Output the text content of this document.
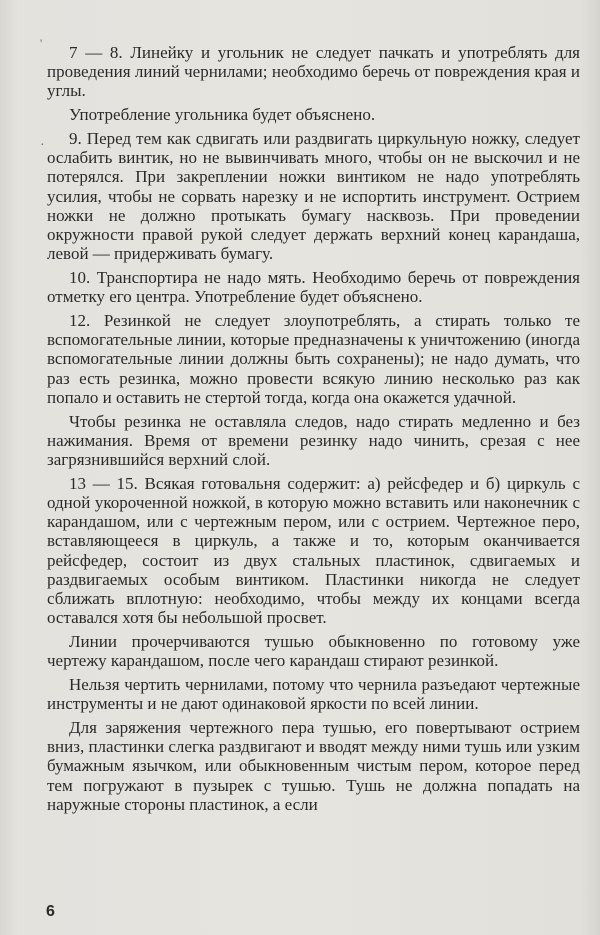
'
·

7 — 8. Линейку и угольник не следует пачкать и употреблять для проведения линий чернилами; необходимо беречь от повреждения края и углы.

Употребление угольника будет объяснено.

9. Перед тем как сдвигать или раздвигать циркульную ножку, следует ослабить винтик, но не вывинчивать много, чтобы он не выскочил и не потерялся. При закреплении ножки винтиком не надо употреблять усилия, чтобы не сорвать нарезку и не испортить инструмент. Острием ножки не должно протыкать бумагу насквозь. При проведении окружности правой рукой следует держать верхний конец карандаша, левой — придерживать бумагу.

10. Транспортира не надо мять. Необходимо беречь от повреждения отметку его центра. Употребление будет объяснено.

12. Резинкой не следует злоупотреблять, а стирать только те вспомогательные линии, которые предназначены к уничтожению (иногда вспомогательные линии должны быть сохранены); не надо думать, что раз есть резинка, можно провести всякую линию несколько раз как попало и оставить не стертой тогда, когда она окажется удачной.

Чтобы резинка не оставляла следов, надо стирать медленно и без нажимания. Время от времени резинку надо чинить, срезая с нее загрязнившийся верхний слой.

13 — 15. Всякая готовальня содержит: а) рейсфедер и б) циркуль с одной укороченной ножкой, в которую можно вставить или наконечник с карандашом, или с чертежным пером, или с острием. Чертежное перо, вставляющееся в циркуль, а также и то, которым оканчивается рейсфедер, состоит из двух стальных пластинок, сдвигаемых и раздвигаемых особым винтиком. Пластинки никогда не следует сближать вплотную: необходимо, чтобы между их концами всегда оставался хотя бы небольшой просвет.

Линии прочерчиваются тушью обыкновенно по готовому уже чертежу карандашом, после чего карандаш стирают резинкой.

Нельзя чертить чернилами, потому что чернила разъедают чертежные инструменты и не дают одинаковой яркости по всей линии.

Для заряжения чертежного пера тушью, его повертывают острием вниз, пластинки слегка раздвигают и вводят между ними тушь или узким бумажным язычком, или обыкновенным чистым пером, которое перед тем погружают в пузырек с тушью. Тушь не должна попадать на наружные стороны пластинок, а если

6
